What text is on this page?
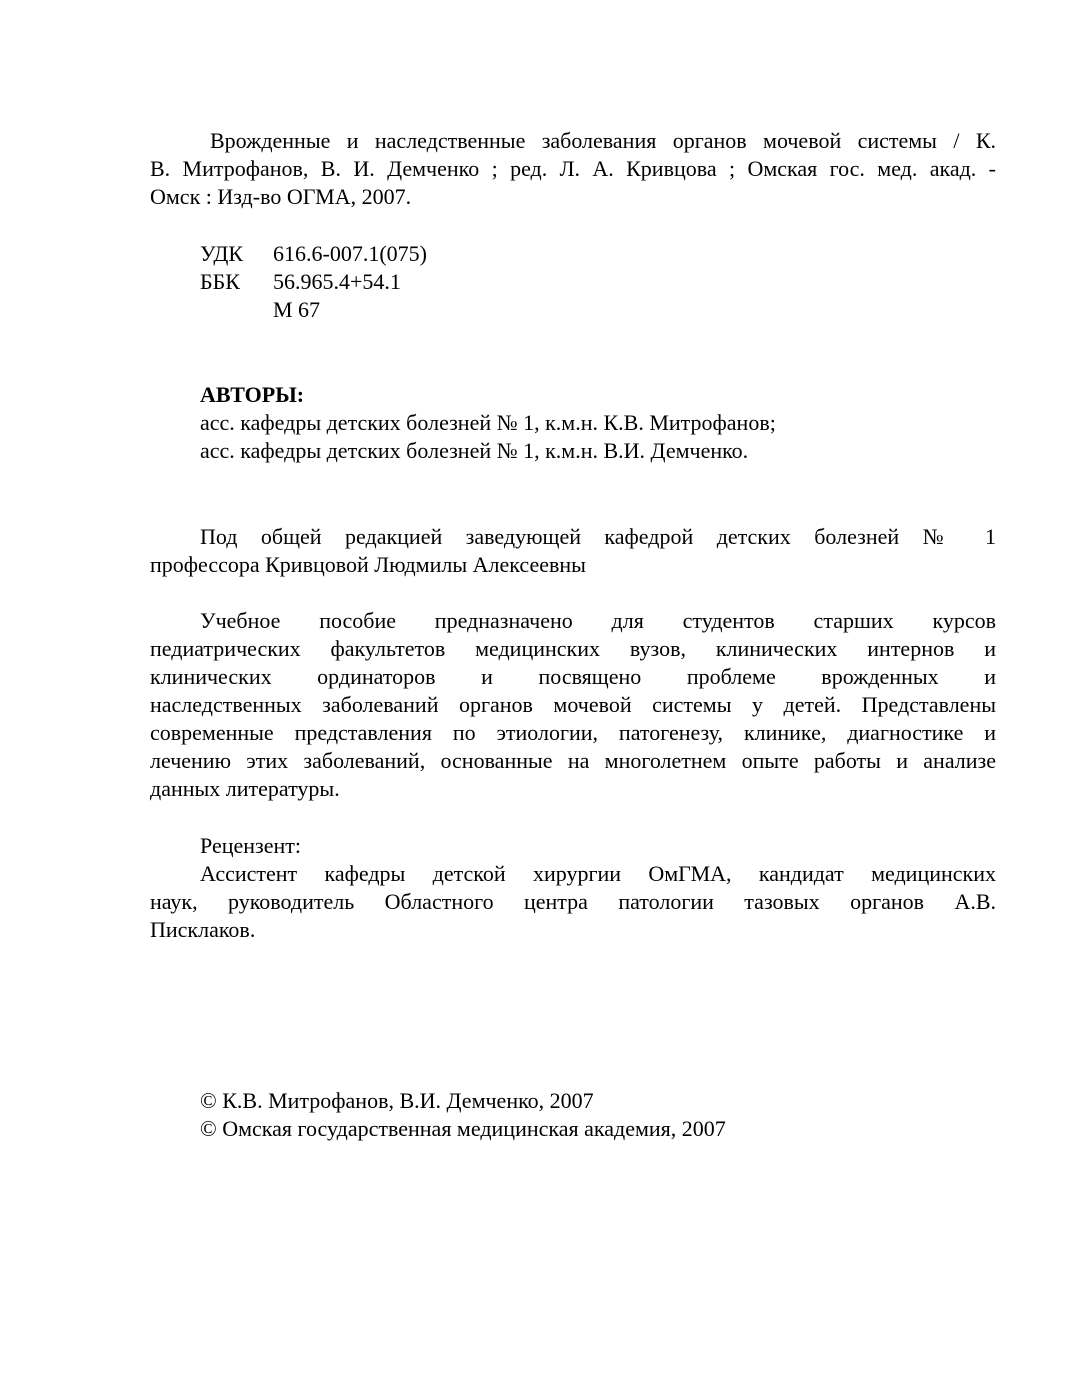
Врожденные и наследственные заболевания органов мочевой системы / К.
В. Митрофанов, В. И. Демченко ; ред. Л. А. Кривцова ; Омская гос. мед. акад. -
Омск : Изд-во ОГМА, 2007.
УДК	616.6-007.1(075)
ББК	56.965.4+54.1
М 67
АВТОРЫ:
асс. кафедры детских болезней № 1, к.м.н. К.В. Митрофанов;
асс. кафедры детских болезней № 1, к.м.н. В.И. Демченко.
Под общей редакцией заведующей кафедрой детских болезней № 1
профессора Кривцовой Людмилы Алексеевны
Учебное пособие предназначено для студентов старших курсов
педиатрических факультетов медицинских вузов, клинических интернов и
клинических ординаторов и посвящено проблеме врожденных и
наследственных заболеваний органов мочевой системы у детей. Представлены
современные представления по этиологии, патогенезу, клинике, диагностике и
лечению этих заболеваний, основанные на многолетнем опыте работы и анализе
данных литературы.
Рецензент:
Ассистент кафедры детской хирургии ОмГМА, кандидат медицинских
наук, руководитель Областного центра патологии тазовых органов А.В.
Писклаков.
© К.В. Митрофанов, В.И. Демченко, 2007
© Омская государственная медицинская академия, 2007
